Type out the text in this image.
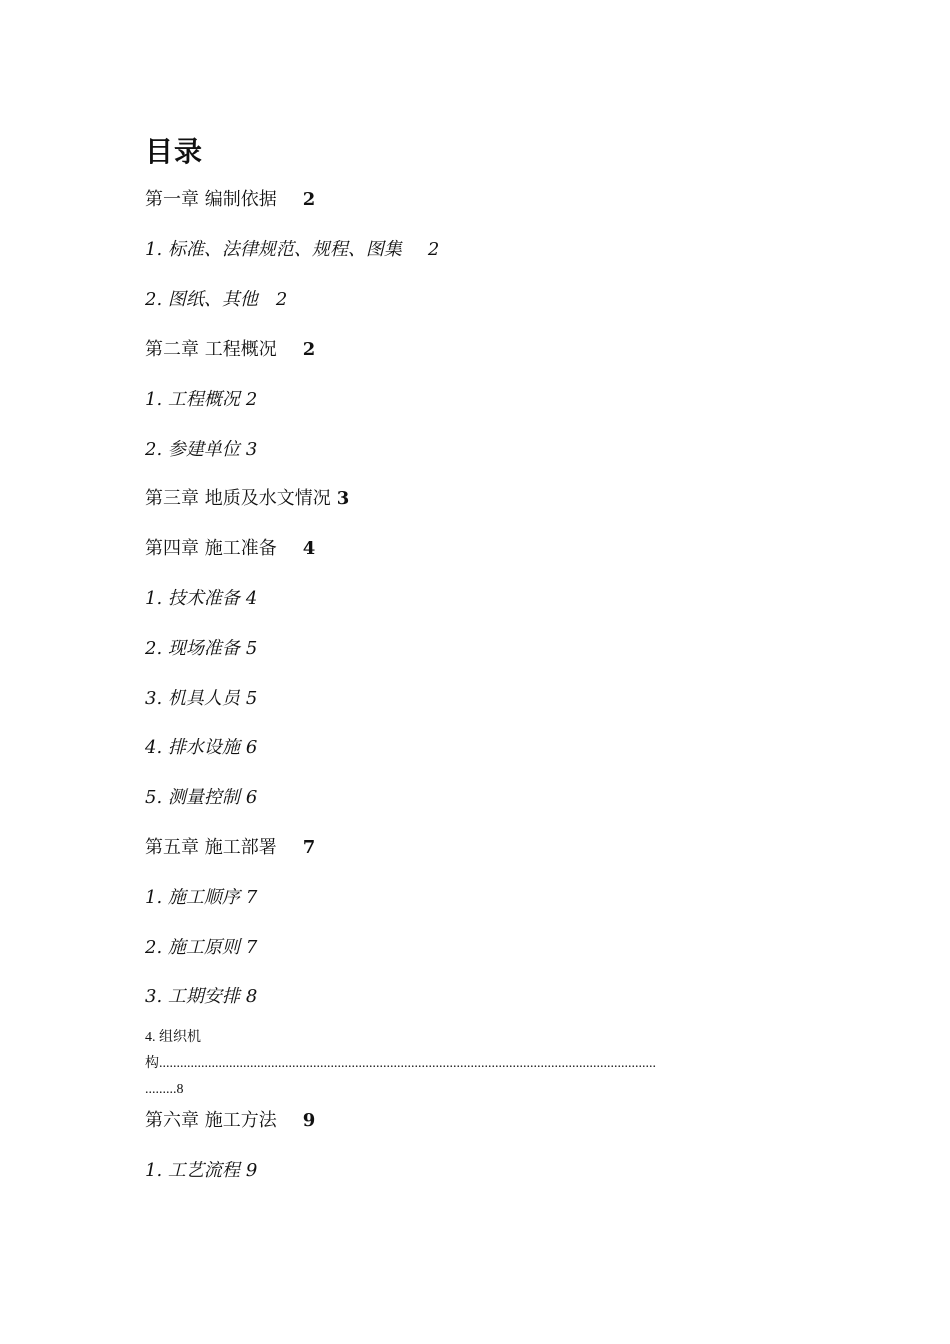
目录
第一章 编制依据 2
1. 标准、法律规范、规程、图集 2
2. 图纸、其他 2
第二章 工程概况 2
1. 工程概况 2
2. 参建单位 3
第三章 地质及水文情况 3
第四章 施工准备 4
1. 技术准备 4
2. 现场准备 5
3. 机具人员 5
4. 排水设施 6
5. 测量控制 6
第五章 施工部署 7
1. 施工顺序 7
2. 施工原则 7
3. 工期安排 8
4. 组织机
构..............................................................................................................................................
.........8
第六章 施工方法 9
1. 工艺流程 9
